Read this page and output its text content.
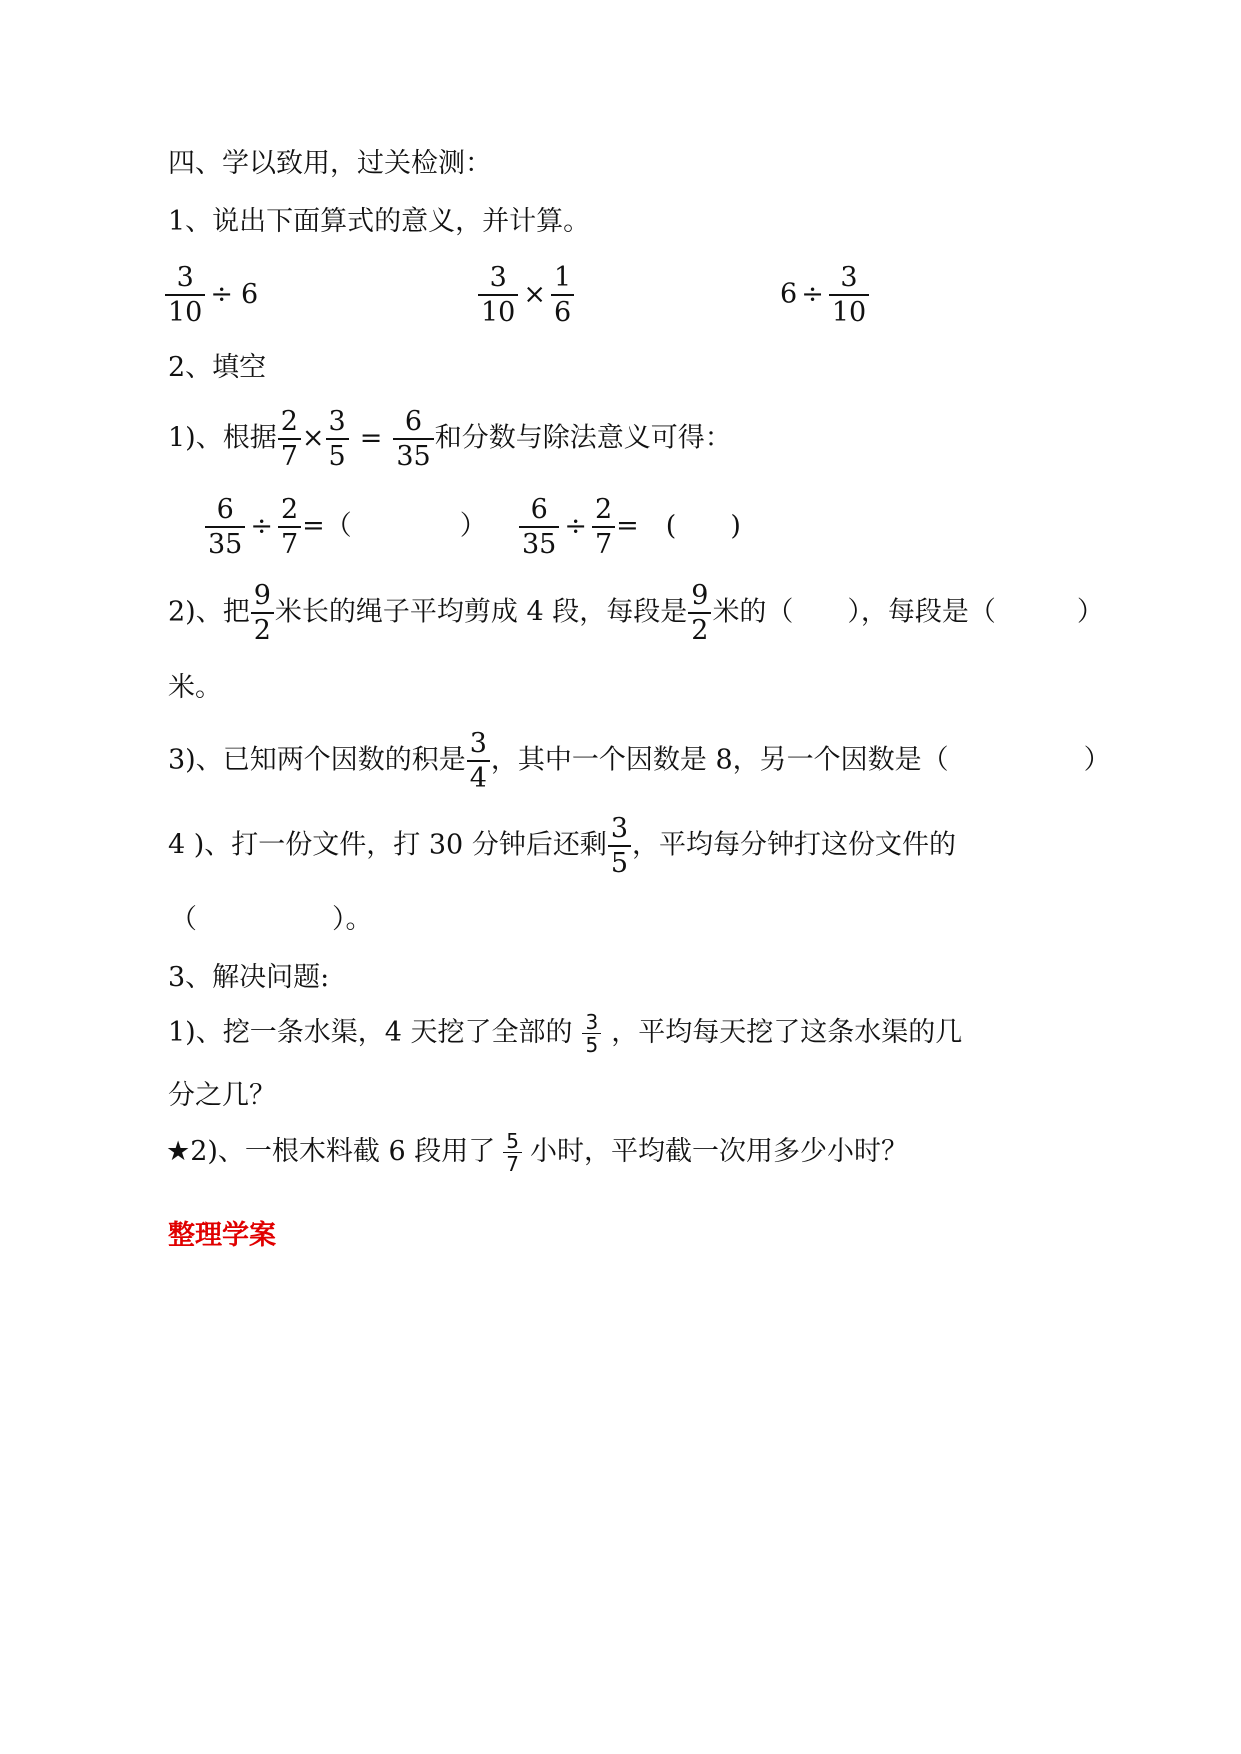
四、学以致用，过关检测：
1、说出下面算式的意义，并计算。
$\frac{3}{10} \div 6$	$\frac{3}{10} \times \frac{1}{6}$	$6 \div \frac{3}{10}$
2、填空
1)、根据 $\frac{2}{7} \times \frac{3}{5} = \frac{6}{35}$ 和分数与除法意义可得：
$\frac{6}{35} \div \frac{2}{7}$ =（　　　　） $\frac{6}{35} \div \frac{2}{7}$ =　(　　)
2)、把 $\frac{9}{2}$ 米长的绳子平均剪成 4 段，每段是 $\frac{9}{2}$ 米的（　　），每段是（　　　）
米。
3)、已知两个因数的积是 $\frac{3}{4}$ ，其中一个因数是 8，另一个因数是（　　　　　）
4 )、打一份文件，打 30 分钟后还剩 $\frac{3}{5}$ ，平均每分钟打这份文件的
（　　　　　）。
3、解决问题:
1)、挖一条水渠，4 天挖了全部的 $\frac{3}{5}$ ，平均每天挖了这条水渠的几
分之几？
★2)、一根木料截 6 段用了 $\frac{5}{7}$ 小时，平均截一次用多少小时？
整理学案
